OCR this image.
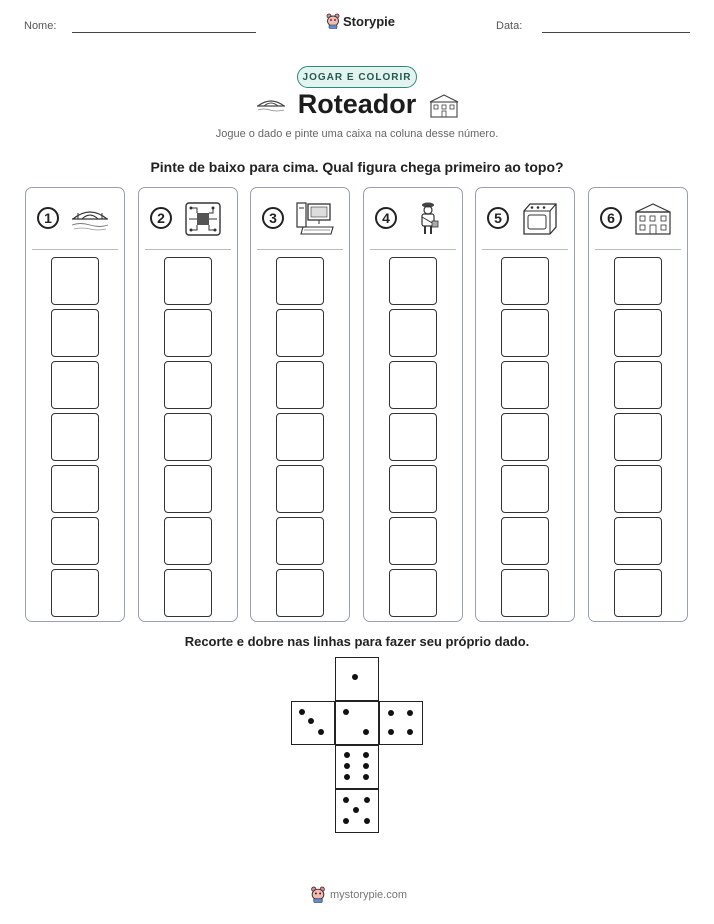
Nome:	Storypie	Data:
JOGAR E COLORIR
Roteador
Jogue o dado e pinte uma caixa na coluna desse número.
Pinte de baixo para cima. Qual figura chega primeiro ao topo?
1	2	3	4	5	6
Recorte e dobre nas linhas para fazer seu próprio dado.
mystorypie.com
